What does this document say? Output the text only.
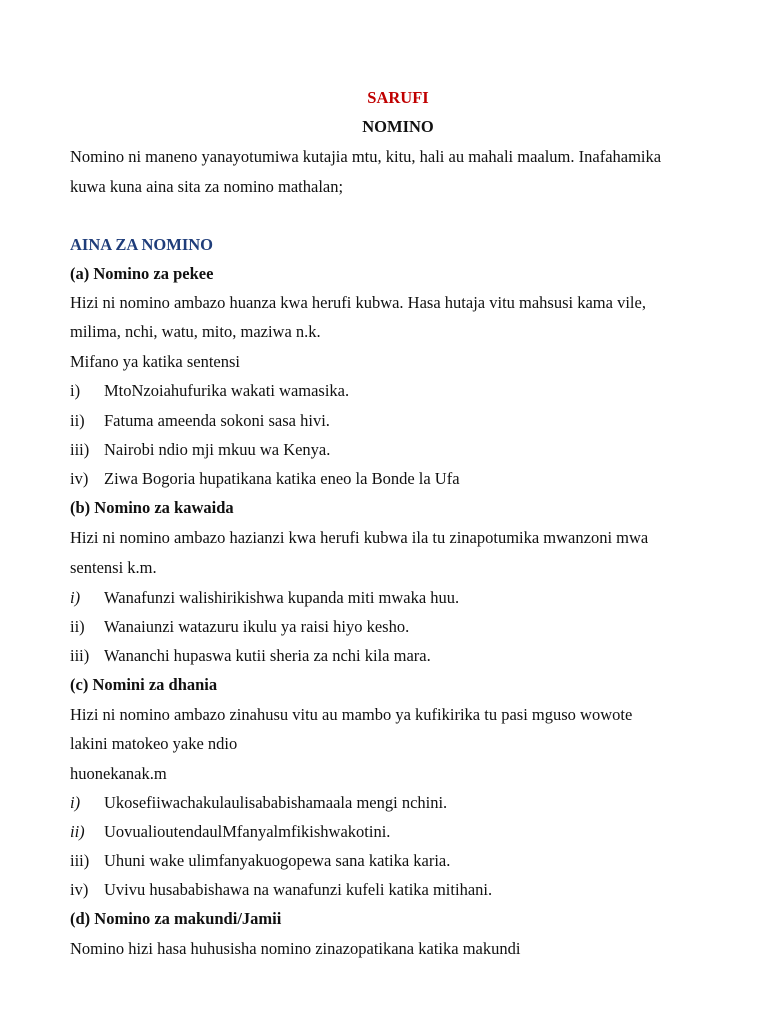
SARUFI
NOMINO
Nomino ni maneno yanayotumiwa kutajia mtu, kitu, hali au mahali maalum. Inafahamika
kuwa kuna aina sita za nomino mathalan;
AINA ZA NOMINO
(a) Nomino za pekee
Hizi ni nomino ambazo huanza kwa herufi kubwa. Hasa hutaja vitu mahsusi kama vile,
milima, nchi, watu, mito, maziwa n.k.
Mifano ya katika sentensi
i) MtoNzoiahufurika wakati wamasika.
ii) Fatuma ameenda sokoni sasa hivi.
iii) Nairobi ndio mji mkuu wa Kenya.
iv) Ziwa Bogoria hupatikana katika eneo la Bonde la Ufa
(b) Nomino za kawaida
Hizi ni nomino ambazo hazianzi kwa herufi kubwa ila tu zinapotumika mwanzoni mwa
sentensi k.m.
i) Wanafunzi walishirikishwa kupanda miti mwaka huu.
ii) Wanaiunzi watazuru ikulu ya raisi hiyo kesho.
iii) Wananchi hupaswa kutii sheria za nchi kila mara.
(c) Nomini za dhania
Hizi ni nomino ambazo zinahusu vitu au mambo ya kufikirika tu pasi mguso wowote
lakini matokeo yake ndio
huonekanak.m
i) Ukosefiiwachakulaulisababishamaala mengi nchini.
ii) UovualioutendaulMfanyalmfikishwakotini.
iii) Uhuni wake ulimfanyakuogopewa sana katika karia.
iv) Uvivu husababishawa na wanafunzi kufeli katika mitihani.
(d) Nomino za makundi/Jamii
Nomino hizi hasa huhusisha nomino zinazopatikana katika makundi
